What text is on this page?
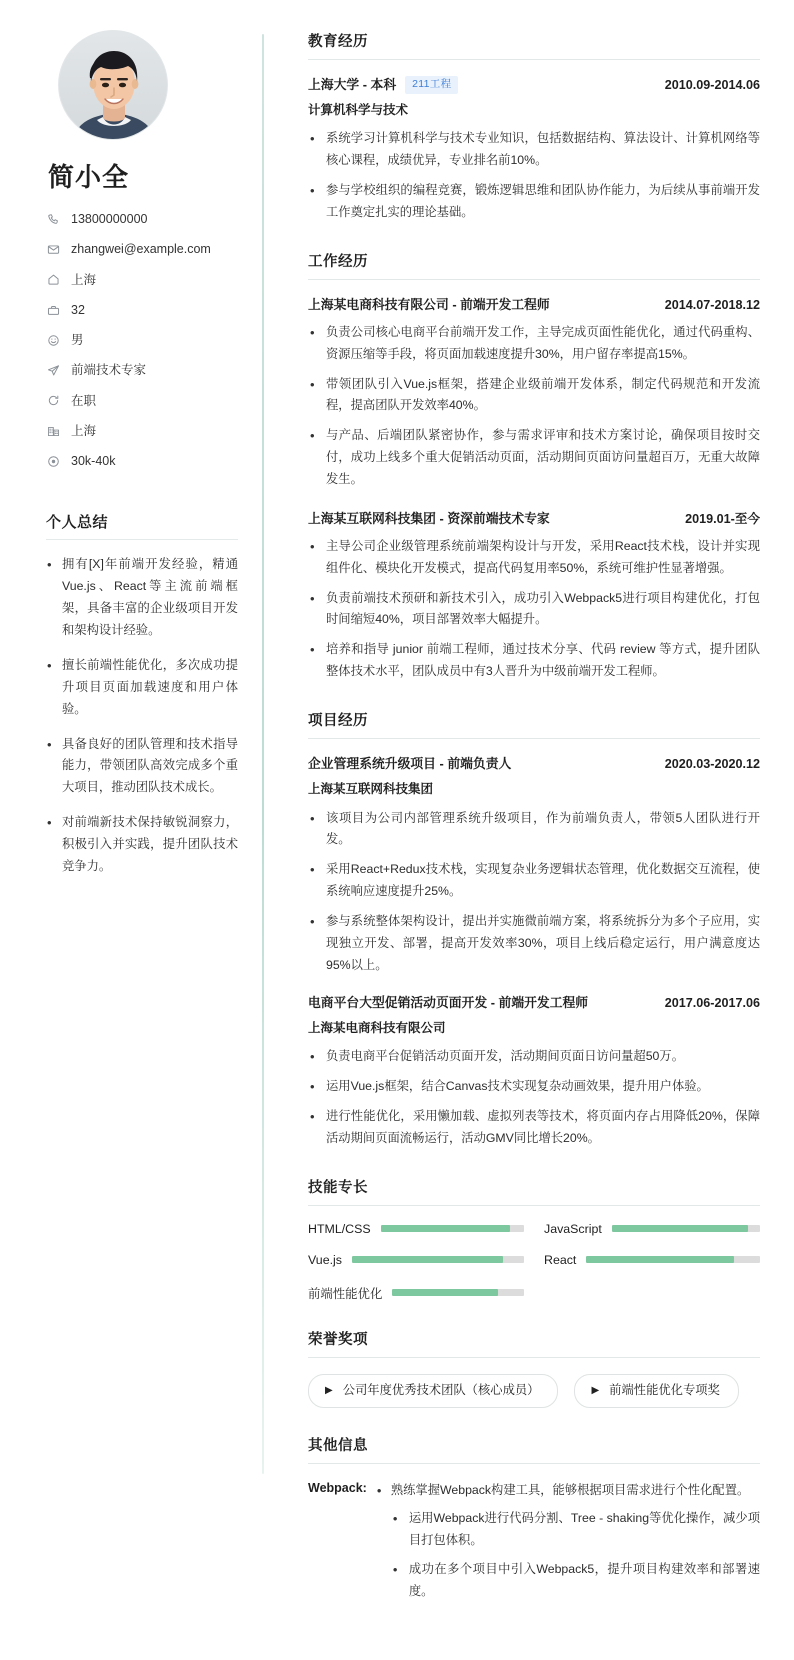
简小全
13800000000
zhangwei@example.com
上海
32
男
前端技术专家
在职
上海
30k-40k
个人总结
• 拥有[X]年前端开发经验，精通Vue.js、React等主流前端框架，具备丰富的企业级项目开发和架构设计经验。
• 擅长前端性能优化，多次成功提升项目页面加载速度和用户体验。
• 具备良好的团队管理和技术指导能力，带领团队高效完成多个重大项目，推动团队技术成长。
• 对前端新技术保持敏锐洞察力，积极引入并实践，提升团队技术竞争力。
教育经历
上海大学 - 本科	211工程	2010.09-2014.06
计算机科学与技术
• 系统学习计算机科学与技术专业知识，包括数据结构、算法设计、计算机网络等核心课程，成绩优异，专业排名前10%。
• 参与学校组织的编程竞赛，锻炼逻辑思维和团队协作能力，为后续从事前端开发工作奠定扎实的理论基础。
工作经历
上海某电商科技有限公司 - 前端开发工程师	2014.07-2018.12
• 负责公司核心电商平台前端开发工作，主导完成页面性能优化，通过代码重构、资源压缩等手段，将页面加载速度提升30%，用户留存率提高15%。
• 带领团队引入Vue.js框架，搭建企业级前端开发体系，制定代码规范和开发流程，提高团队开发效率40%。
• 与产品、后端团队紧密协作，参与需求评审和技术方案讨论，确保项目按时交付，成功上线多个重大促销活动页面，活动期间页面访问量超百万，无重大故障发生。
上海某互联网科技集团 - 资深前端技术专家	2019.01-至今
• 主导公司企业级管理系统前端架构设计与开发，采用React技术栈，设计并实现组件化、模块化开发模式，提高代码复用率50%，系统可维护性显著增强。
• 负责前端技术预研和新技术引入，成功引入Webpack5进行项目构建优化，打包时间缩短40%，项目部署效率大幅提升。
• 培养和指导 junior 前端工程师，通过技术分享、代码 review 等方式，提升团队整体技术水平，团队成员中有3人晋升为中级前端开发工程师。
项目经历
企业管理系统升级项目 - 前端负责人	2020.03-2020.12
上海某互联网科技集团
• 该项目为公司内部管理系统升级项目，作为前端负责人，带领5人团队进行开发。
• 采用React+Redux技术栈，实现复杂业务逻辑状态管理，优化数据交互流程，使系统响应速度提升25%。
• 参与系统整体架构设计，提出并实施微前端方案，将系统拆分为多个子应用，实现独立开发、部署，提高开发效率30%，项目上线后稳定运行，用户满意度达95%以上。
电商平台大型促销活动页面开发 - 前端开发工程师	2017.06-2017.06
上海某电商科技有限公司
• 负责电商平台促销活动页面开发，活动期间页面日访问量超50万。
• 运用Vue.js框架，结合Canvas技术实现复杂动画效果，提升用户体验。
• 进行性能优化，采用懒加载、虚拟列表等技术，将页面内存占用降低20%，保障活动期间页面流畅运行，活动GMV同比增长20%。
技能专长
HTML/CSS	JavaScript
Vue.js	React
前端性能优化
荣誉奖项
▶ 公司年度优秀技术团队（核心成员）	▶ 前端性能优化专项奖
其他信息
Webpack:	• 熟练掌握Webpack构建工具，能够根据项目需求进行个性化配置。
• 运用Webpack进行代码分割、Tree - shaking等优化操作，减少项目打包体积。
• 成功在多个项目中引入Webpack5，提升项目构建效率和部署速度。
